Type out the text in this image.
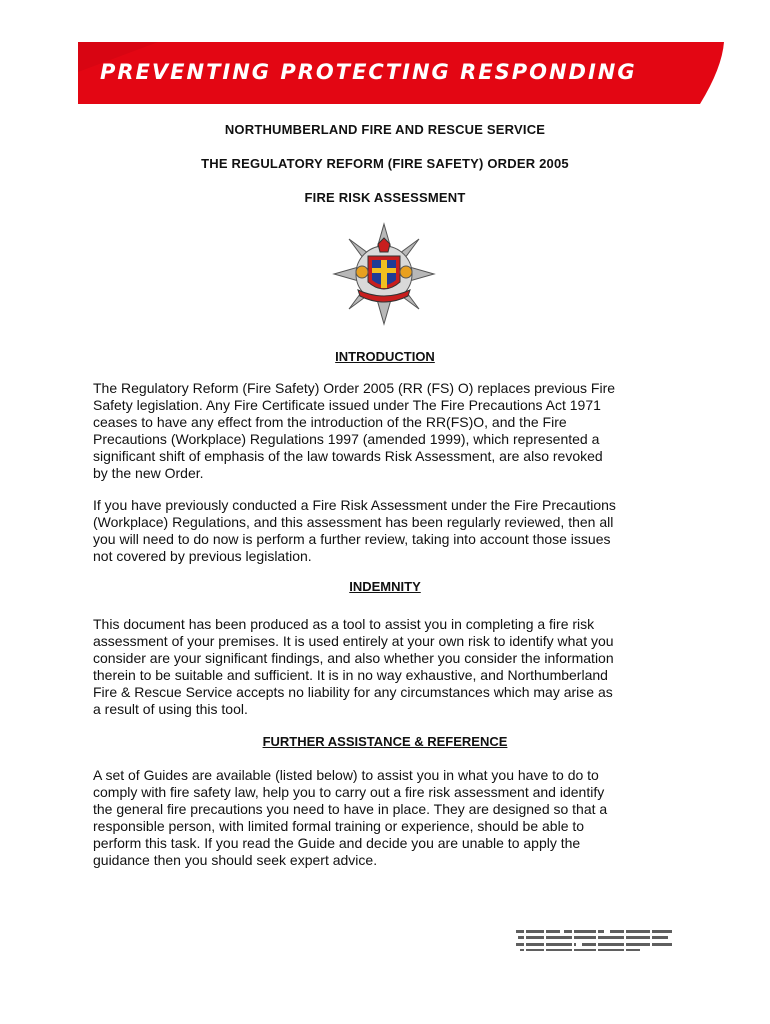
PREVENTING PROTECTING RESPONDING
NORTHUMBERLAND FIRE AND RESCUE SERVICE
THE REGULATORY REFORM (FIRE SAFETY) ORDER 2005
FIRE RISK ASSESSMENT
INTRODUCTION

The Regulatory Reform (Fire Safety) Order 2005 (RR (FS) O) replaces previous Fire

Safety legislation. Any Fire Certificate issued under The Fire Precautions Act 1971

ceases to have any effect from the introduction of the RR(FS)O, and the Fire

Precautions (Workplace) Regulations 1997 (amended 1999), which represented a

significant shift of emphasis of the law towards Risk Assessment, are also revoked

by the new Order.

If you have previously conducted a Fire Risk Assessment under the Fire Precautions

(Workplace) Regulations, and this assessment has been regularly reviewed, then all

you will need to do now is perform a further review, taking into account those issues

not covered by previous legislation.

INDEMNITY

This document has been produced as a tool to assist you in completing a fire risk

assessment of your premises. It is used entirely at your own risk to identify what you

consider are your significant findings, and also whether you consider the information

therein to be suitable and sufficient. It is in no way exhaustive, and Northumberland

Fire & Rescue Service accepts no liability for any circumstances which may arise as

a result of using this tool.

FURTHER ASSISTANCE & REFERENCE

A set of Guides are available (listed below) to assist you in what you have to do to

comply with fire safety law, help you to carry out a fire risk assessment and identify

the general fire precautions you need to have in place. They are designed so that a

responsible person, with limited formal training or experience, should be able to

perform this task. If you read the Guide and decide you are unable to apply the

guidance then you should seek expert advice.
